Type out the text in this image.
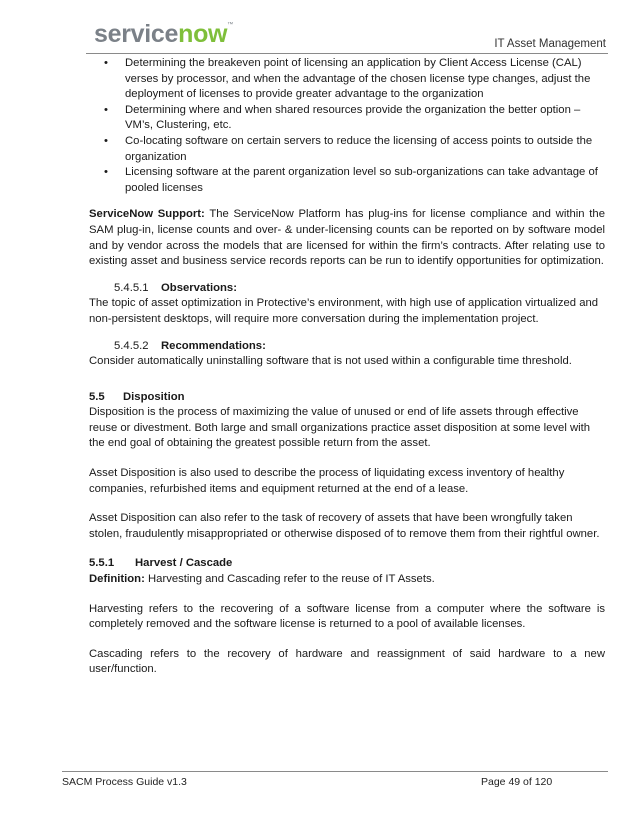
servicenow™
IT Asset Management
• Determining the breakeven point of licensing an application by Client Access License (CAL) verses by processor, and when the advantage of the chosen license type changes, adjust the deployment of licenses to provide greater advantage to the organization
• Determining where and when shared resources provide the organization the better option – VM’s, Clustering, etc.
• Co-locating software on certain servers to reduce the licensing of access points to outside the organization
• Licensing software at the parent organization level so sub-organizations can take advantage of pooled licenses

ServiceNow Support: The ServiceNow Platform has plug-ins for license compliance and within the SAM plug-in, license counts and over- & under-licensing counts can be reported on by software model and by vendor across the models that are licensed for within the firm’s contracts. After relating use to existing asset and business service records reports can be run to identify opportunities for optimization.

5.4.5.1 Observations:

The topic of asset optimization in Protective’s environment, with high use of application virtualized and non-persistent desktops, will require more conversation during the implementation project.

5.4.5.2 Recommendations:

Consider automatically uninstalling software that is not used within a configurable time threshold.

5.5 Disposition

Disposition is the process of maximizing the value of unused or end of life assets through effective reuse or divestment. Both large and small organizations practice asset disposition at some level with the end goal of obtaining the greatest possible return from the asset.

Asset Disposition is also used to describe the process of liquidating excess inventory of healthy companies, refurbished items and equipment returned at the end of a lease.

Asset Disposition can also refer to the task of recovery of assets that have been wrongfully taken stolen, fraudulently misappropriated or otherwise disposed of to remove them from their rightful owner.

5.5.1 Harvest / Cascade

Definition: Harvesting and Cascading refer to the reuse of IT Assets.

Harvesting refers to the recovering of a software license from a computer where the software is completely removed and the software license is returned to a pool of available licenses.

Cascading refers to the recovery of hardware and reassignment of said hardware to a new user/function.

SACM Process Guide v1.3	Page 49 of 120
